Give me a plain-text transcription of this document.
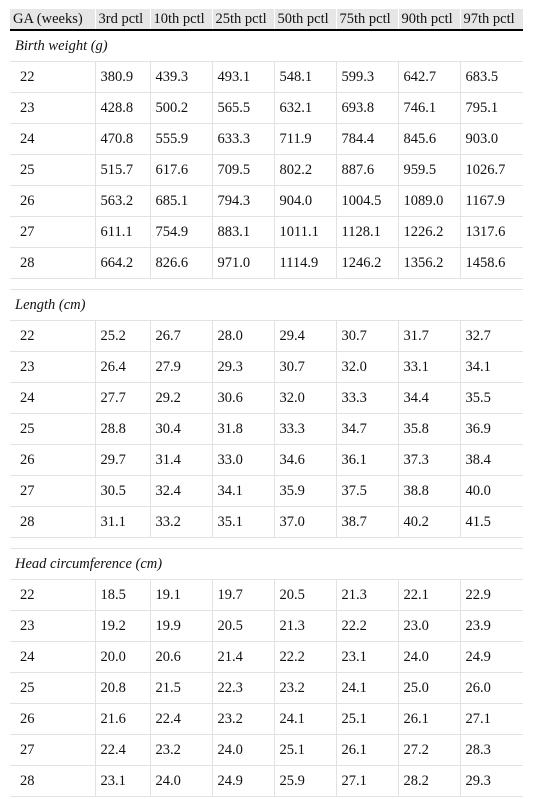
GA (weeks)	3rd pctl	10th pctl	25th pctl	50th pctl	75th pctl	90th pctl	97th pctl
Birth weight (g)							
22	380.9	439.3	493.1	548.1	599.3	642.7	683.5
23	428.8	500.2	565.5	632.1	693.8	746.1	795.1
24	470.8	555.9	633.3	711.9	784.4	845.6	903.0
25	515.7	617.6	709.5	802.2	887.6	959.5	1026.7
26	563.2	685.1	794.3	904.0	1004.5	1089.0	1167.9
27	611.1	754.9	883.1	1011.1	1128.1	1226.2	1317.6
28	664.2	826.6	971.0	1114.9	1246.2	1356.2	1458.6

Length (cm)							
22	25.2	26.7	28.0	29.4	30.7	31.7	32.7
23	26.4	27.9	29.3	30.7	32.0	33.1	34.1
24	27.7	29.2	30.6	32.0	33.3	34.4	35.5
25	28.8	30.4	31.8	33.3	34.7	35.8	36.9
26	29.7	31.4	33.0	34.6	36.1	37.3	38.4
27	30.5	32.4	34.1	35.9	37.5	38.8	40.0
28	31.1	33.2	35.1	37.0	38.7	40.2	41.5

Head circumference (cm)							
22	18.5	19.1	19.7	20.5	21.3	22.1	22.9
23	19.2	19.9	20.5	21.3	22.2	23.0	23.9
24	20.0	20.6	21.4	22.2	23.1	24.0	24.9
25	20.8	21.5	22.3	23.2	24.1	25.0	26.0
26	21.6	22.4	23.2	24.1	25.1	26.1	27.1
27	22.4	23.2	24.0	25.1	26.1	27.2	28.3
28	23.1	24.0	24.9	25.9	27.1	28.2	29.3
